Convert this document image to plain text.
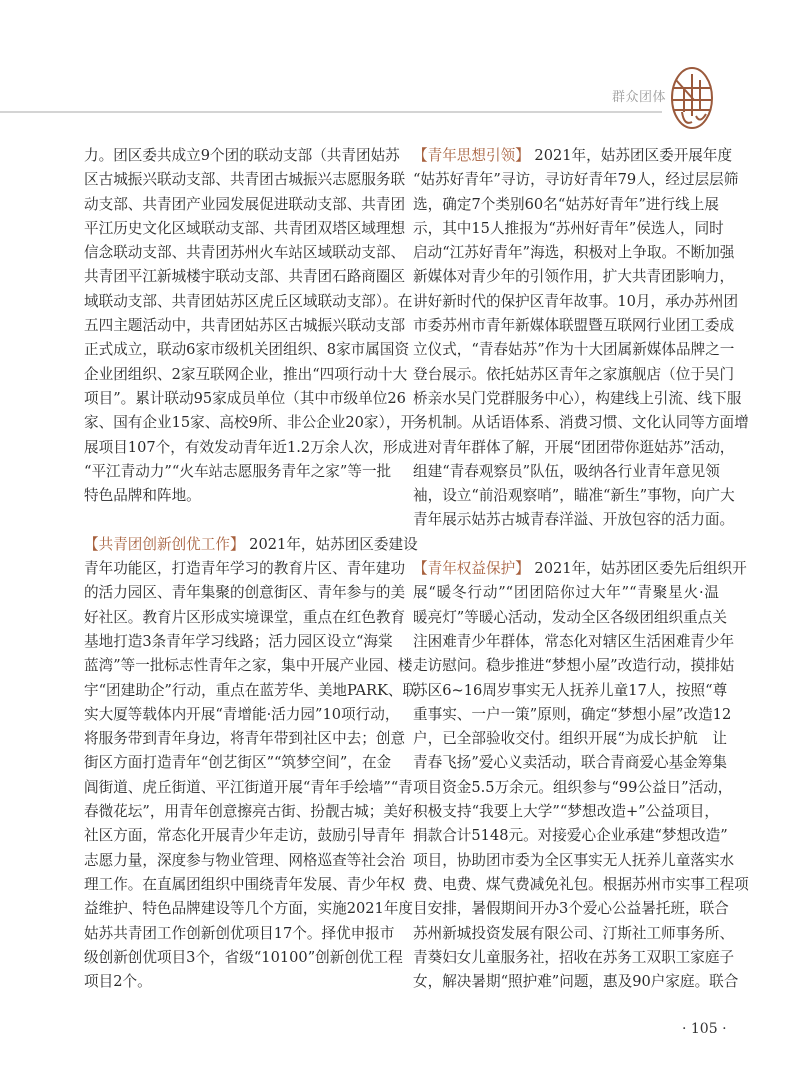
群众团体
力。团区委共成立9个团的联动支部（共青团姑苏
区古城振兴联动支部、共青团古城振兴志愿服务联
动支部、共青团产业园发展促进联动支部、共青团
平江历史文化区域联动支部、共青团双塔区域理想
信念联动支部、共青团苏州火车站区域联动支部、
共青团平江新城楼宇联动支部、共青团石路商圈区
域联动支部、共青团姑苏区虎丘区域联动支部）。在
五四主题活动中，共青团姑苏区古城振兴联动支部
正式成立，联动6家市级机关团组织、8家市属国资
企业团组织、2家互联网企业，推出“四项行动十大
项目”。累计联动95家成员单位（其中市级单位26
家、国有企业15家、高校9所、非公企业20家），开
展项目107个，有效发动青年近1.2万余人次，形成
“平江青动力”“火车站志愿服务青年之家”等一批
特色品牌和阵地。
【共青团创新创优工作】 2021年，姑苏团区委建设
青年功能区，打造青年学习的教育片区、青年建功
的活力园区、青年集聚的创意街区、青年参与的美
好社区。教育片区形成实境课堂，重点在红色教育
基地打造3条青年学习线路；活力园区设立“海棠
蓝湾”等一批标志性青年之家，集中开展产业园、楼
宇“团建助企”行动，重点在蓝芳华、美地PARK、联
实大厦等载体内开展“青增能·活力园”10项行动，
将服务带到青年身边，将青年带到社区中去；创意
街区方面打造青年“创艺街区”“筑梦空间”，在金
阊街道、虎丘街道、平江街道开展“青年手绘墙”“青
春微花坛”，用青年创意擦亮古街、扮靓古城；美好
社区方面，常态化开展青少年走访，鼓励引导青年
志愿力量，深度参与物业管理、网格巡查等社会治
理工作。在直属团组织中围绕青年发展、青少年权
益维护、特色品牌建设等几个方面，实施2021年度
姑苏共青团工作创新创优项目17个。择优申报市
级创新创优项目3个，省级“10100”创新创优工程
项目2个。
【青年思想引领】 2021年，姑苏团区委开展年度
“姑苏好青年”寻访，寻访好青年79人，经过层层筛
选，确定7个类别60名“姑苏好青年”进行线上展
示，其中15人推报为“苏州好青年”侯选人，同时
启动“江苏好青年”海选，积极对上争取。不断加强
新媒体对青少年的引领作用，扩大共青团影响力，
讲好新时代的保护区青年故事。10月，承办苏州团
市委苏州市青年新媒体联盟暨互联网行业团工委成
立仪式，“青春姑苏”作为十大团属新媒体品牌之一
登台展示。依托姑苏区青年之家旗舰店（位于吴门
桥亲水吴门党群服务中心），构建线上引流、线下服
务机制。从话语体系、消费习惯、文化认同等方面增
进对青年群体了解，开展“团团带你逛姑苏”活动，
组建“青春观察员”队伍，吸纳各行业青年意见领
袖，设立“前沿观察哨”，瞄准“新生”事物，向广大
青年展示姑苏古城青春洋溢、开放包容的活力面。
【青年权益保护】 2021年，姑苏团区委先后组织开
展“暖冬行动”“团团陪你过大年”“青聚星火·温
暖亮灯”等暖心活动，发动全区各级团组织重点关
注困难青少年群体，常态化对辖区生活困难青少年
走访慰问。稳步推进“梦想小屋”改造行动，摸排姑
苏区6~16周岁事实无人抚养儿童17人，按照“尊
重事实、一户一策”原则，确定“梦想小屋”改造12
户，已全部验收交付。组织开展“为成长护航　让
青春飞扬”爱心义卖活动，联合青商爱心基金筹集
项目资金5.5万余元。组织参与“99公益日”活动，
积极支持“我要上大学”“梦想改造+”公益项目，
捐款合计5148元。对接爱心企业承建“梦想改造”
项目，协助团市委为全区事实无人抚养儿童落实水
费、电费、煤气费减免礼包。根据苏州市实事工程项
目安排，暑假期间开办3个爱心公益暑托班，联合
苏州新城投资发展有限公司、汀斯社工师事务所、
青葵妇女儿童服务社，招收在苏务工双职工家庭子
女，解决暑期“照护难”问题，惠及90户家庭。联合
· 105 ·
